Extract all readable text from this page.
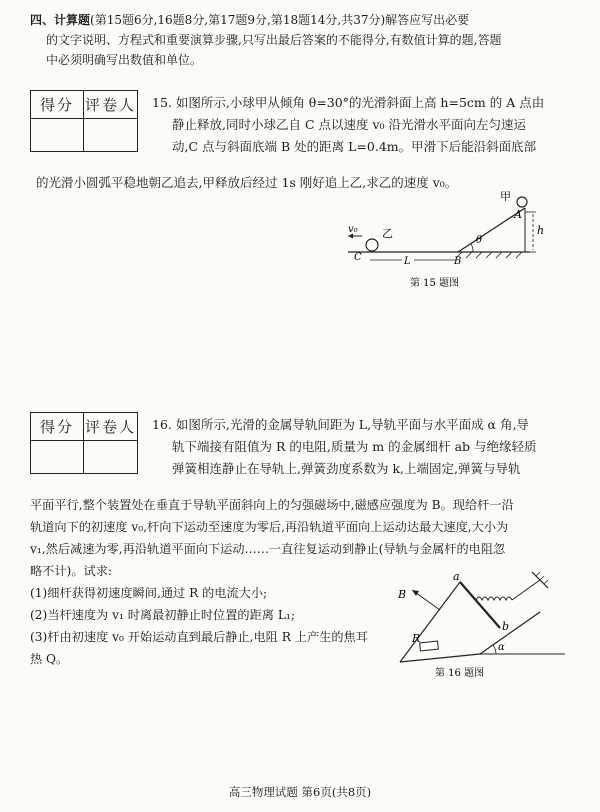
四、计算题(第15题6分,16题8分,第17题9分,第18题14分,共37分)解答应写出必要
的文字说明、方程式和重要演算步骤,只写出最后答案的不能得分,有数值计算的题,答题
中必须明确写出数值和单位。
得分 评卷人 15. 如图所示,小球甲从倾角 θ=30°的光滑斜面上高 h=5cm 的 A 点由
静止释放,同时小球乙自 C 点以速度 v₀ 沿光滑水平面向左匀速运
动,C 点与斜面底端 B 处的距离 L=0.4m。甲滑下后能沿斜面底部
的光滑小圆弧平稳地朝乙追去,甲释放后经过 1s 刚好追上乙,求乙的速度 v₀。
甲
A
h
θ
B
C
乙
v₀
L
第 15 题图
得分 评卷人 16. 如图所示,光滑的金属导轨间距为 L,导轨平面与水平面成 α 角,导
轨下端接有阻值为 R 的电阻,质量为 m 的金属细杆 ab 与绝缘轻质
弹簧相连静止在导轨上,弹簧劲度系数为 k,上端固定,弹簧与导轨
平面平行,整个装置处在垂直于导轨平面斜向上的匀强磁场中,磁感应强度为 B。现给杆一沿
轨道向下的初速度 v₀,杆向下运动至速度为零后,再沿轨道平面向上运动达最大速度,大小为
v₁,然后减速为零,再沿轨道平面向下运动……一直往复运动到静止(导轨与金属杆的电阻忽
略不计)。试求:
(1)细杆获得初速度瞬间,通过 R 的电流大小;
(2)当杆速度为 v₁ 时离最初静止时位置的距离 L₁;
(3)杆由初速度 v₀ 开始运动直到最后静止,电阻 R 上产生的焦耳
热 Q。
B
a
b
R
α
第 16 题图
高三物理试题 第6页(共8页)
